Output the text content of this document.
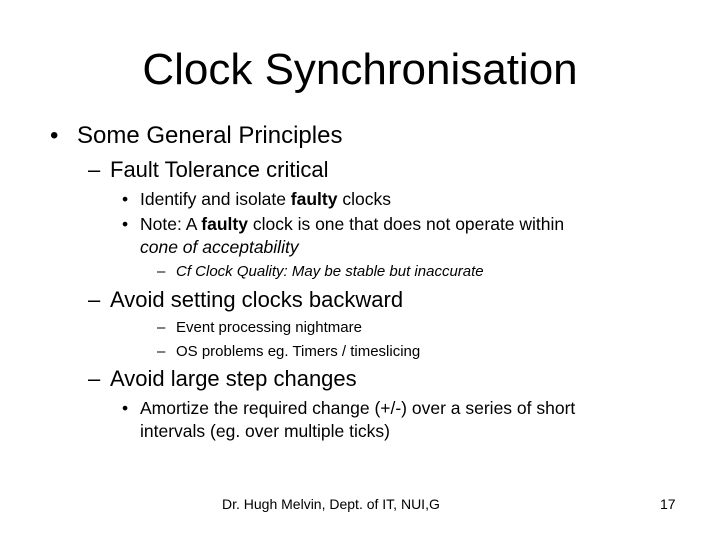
Clock Synchronisation
• Some General Principles
– Fault Tolerance critical
• Identify and isolate faulty clocks
• Note: A faulty clock is one that does not operate within
cone of acceptability
– Cf Clock Quality: May be stable but inaccurate
– Avoid setting clocks backward
– Event processing nightmare
– OS problems eg. Timers / timeslicing
– Avoid large step changes
• Amortize the required change (+/-) over a series of short
intervals (eg. over multiple ticks)
Dr. Hugh Melvin, Dept. of IT, NUI,G	17
